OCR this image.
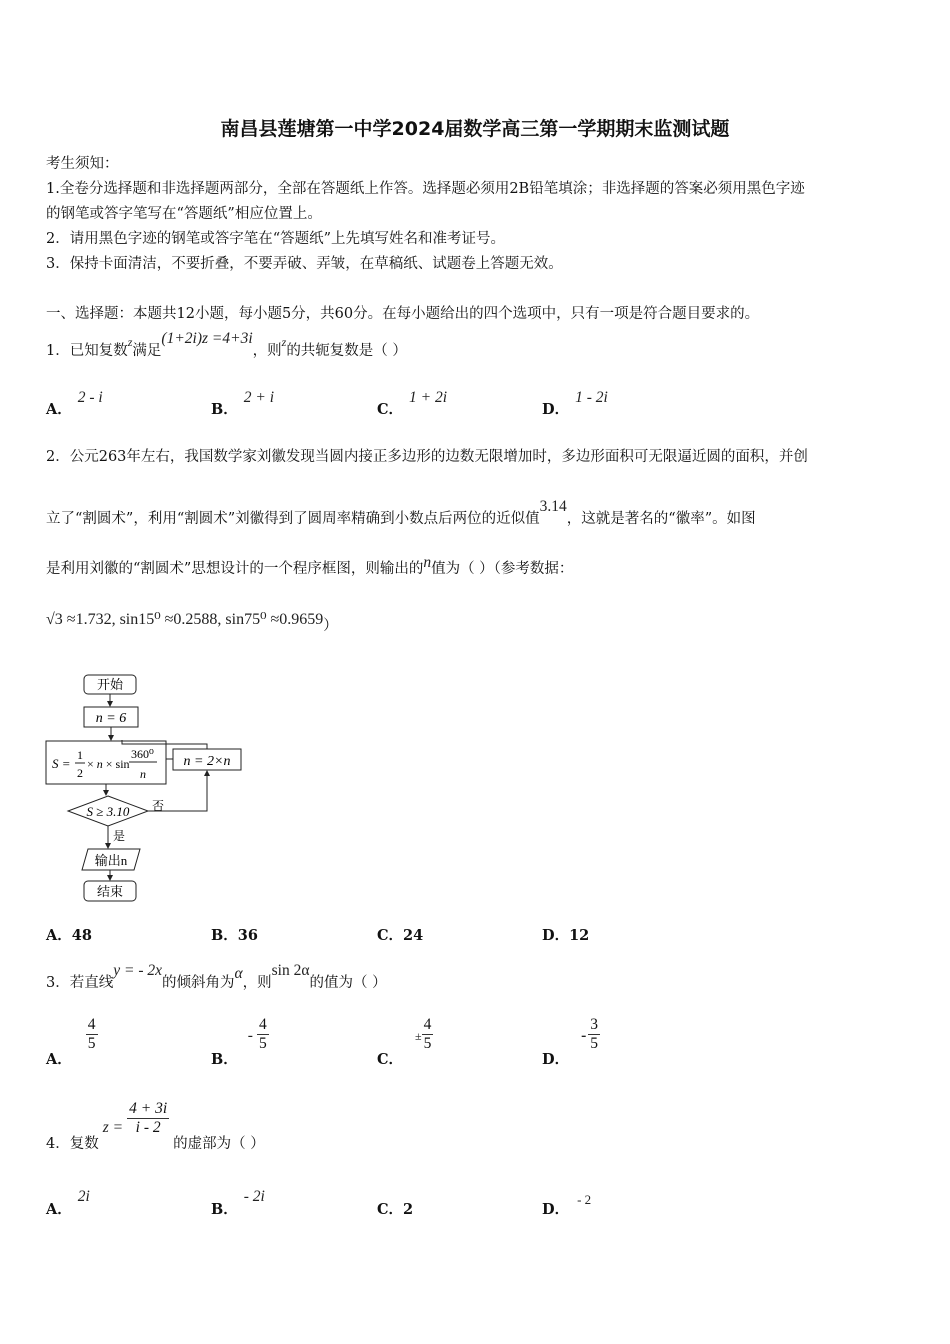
南昌县莲塘第一中学2024届数学高三第一学期期末监测试题
考生须知：
1.全卷分选择题和非选择题两部分，全部在答题纸上作答。选择题必须用2B铅笔填涂；非选择题的答案必须用黑色字迹
的钢笔或答字笔写在“答题纸”相应位置上。
2．请用黑色字迹的钢笔或答字笔在“答题纸”上先填写姓名和准考证号。
3．保持卡面清洁，不要折叠，不要弄破、弄皱，在草稿纸、试题卷上答题无效。
一、选择题：本题共12小题，每小题5分，共60分。在每小题给出的四个选项中，只有一项是符合题目要求的。
1．已知复数$^z$满足(1+2i)z =4+3i，则$^z$的共轭复数是（ ）
A．2 - i
B．2 + i
C．1 + 2i
D．1 - 2i
2．公元263年左右，我国数学家刘徽发现当圆内接正多边形的边数无限增加时，多边形面积可无限逼近圆的面积，并创
立了“割圆术”，利用“割圆术”刘徽得到了圆周率精确到小数点后两位的近似值3.14，这就是著名的“徽率”。如图
是利用刘徽的“割圆术”思想设计的一个程序框图，则输出的n值为（ ）（参考数据：
√3 ≈1.732, sin15⁰ ≈0.2588, sin75⁰ ≈0.9659）
开始
n = 6
S =
1
2
× n × sin
360⁰
n
n = 2×n
S ≥ 3.10 否
是
输出n
结束
A．48	B．36	C．24	D．12
3．若直线y = - 2x的倾斜角为α，则sin 2α的值为（ ）
A．
$\frac{4}{5}$
B．- $\frac{4}{5}$
C．± $\frac{4}{5}$
D．- $\frac{3}{5}$
4．复数$z = \frac{4 + 3i}{i - 2}$
的虚部为（ ）
A．2i
B．- 2i
C．2	D．- 2
